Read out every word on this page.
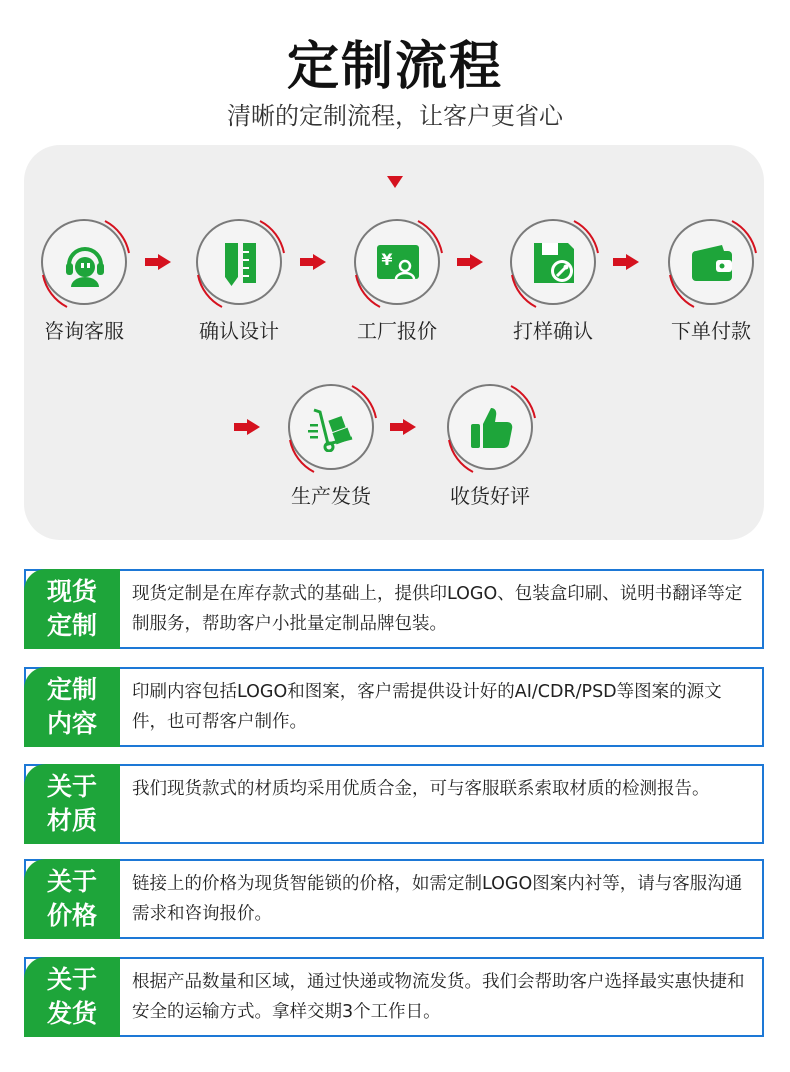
定制流程
清晰的定制流程，让客户更省心
咨询客服	确认设计
¥
工厂报价	打样确认	下单付款
生产发货	收货好评
现货
定制
现货定制是在库存款式的基础上，提供印LOGO、包装盒印刷、说明书翻译等定制服务，帮助客户小批量定制品牌包装。
定制
内容
印刷内容包括LOGO和图案，客户需提供设计好的AI/CDR/PSD等图案的源文件，也可帮客户制作。
关于
材质
我们现货款式的材质均采用优质合金，可与客服联系索取材质的检测报告。
关于
价格
链接上的价格为现货智能锁的价格，如需定制LOGO图案内衬等，请与客服沟通需求和咨询报价。
关于
发货
根据产品数量和区域，通过快递或物流发货。我们会帮助客户选择最实惠快捷和安全的运输方式。拿样交期3个工作日。
